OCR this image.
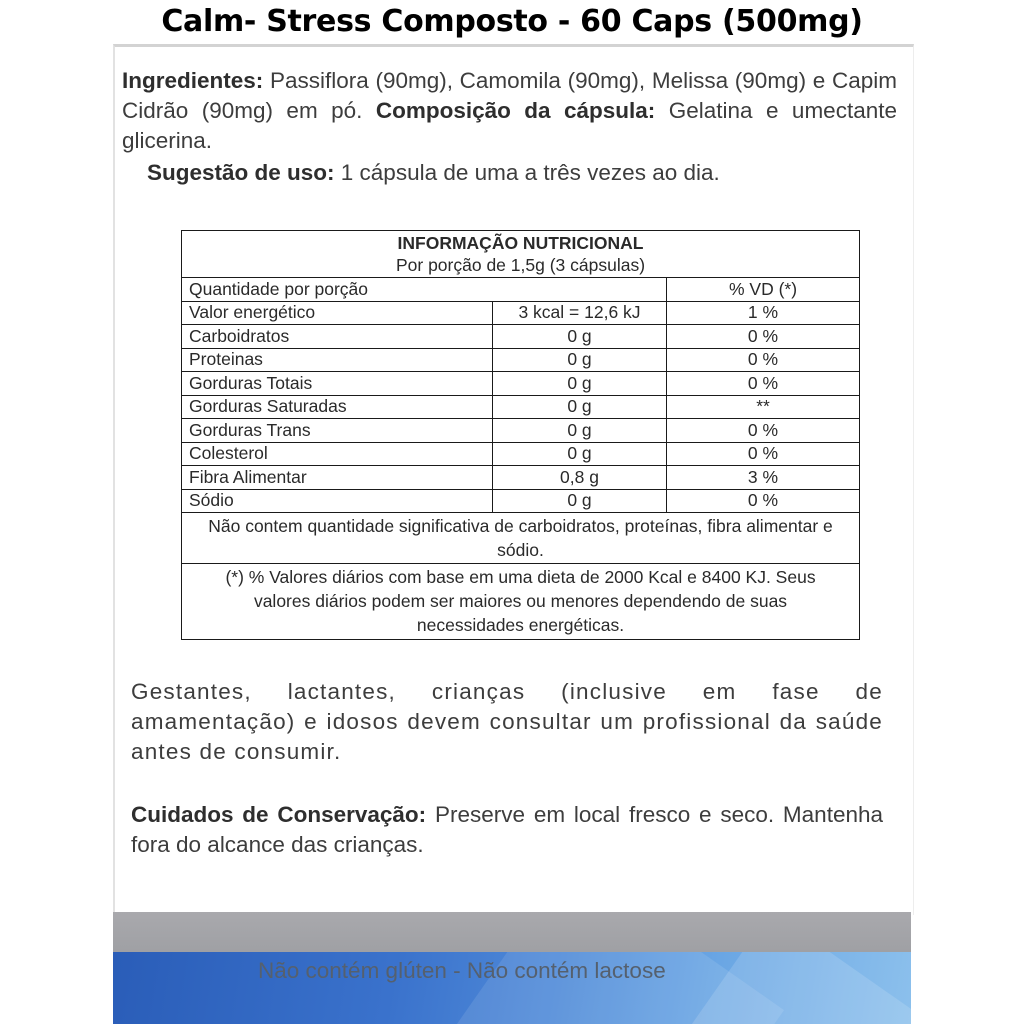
Calm- Stress Composto - 60 Caps (500mg)
Ingredientes: Passiflora (90mg), Camomila (90mg), Melissa (90mg) e Capim Cidrão (90mg) em pó. Composição da cápsula: Gelatina e umectante glicerina.
Sugestão de uso: 1 cápsula de uma a três vezes ao dia.
INFORMAÇÃO NUTRICIONAL
Por porção de 1,5g (3 cápsulas)		

Quantidade por porção		% VD (*)
Valor energético	3 kcal = 12,6 kJ	1 %
Carboidratos	0 g	0 %
Proteinas	0 g	0 %
Gorduras Totais	0 g	0 %
Gorduras Saturadas	0 g	**
Gorduras Trans	0 g	0 %
Colesterol	0 g	0 %
Fibra Alimentar	0,8 g	3 %
Sódio	0 g	0 %
Não contem quantidade significativa de carboidratos, proteínas, fibra alimentar e sódio.		
(*) % Valores diários com base em uma dieta de 2000 Kcal e 8400 KJ. Seus valores diários podem ser maiores ou menores dependendo de suas necessidades energéticas.		
Gestantes, lactantes, crianças (inclusive em fase de amamentação) e idosos devem consultar um profissional da saúde antes de consumir.
Cuidados de Conservação: Preserve em local fresco e seco. Mantenha fora do alcance das crianças.
Não contém glúten - Não contém lactose
